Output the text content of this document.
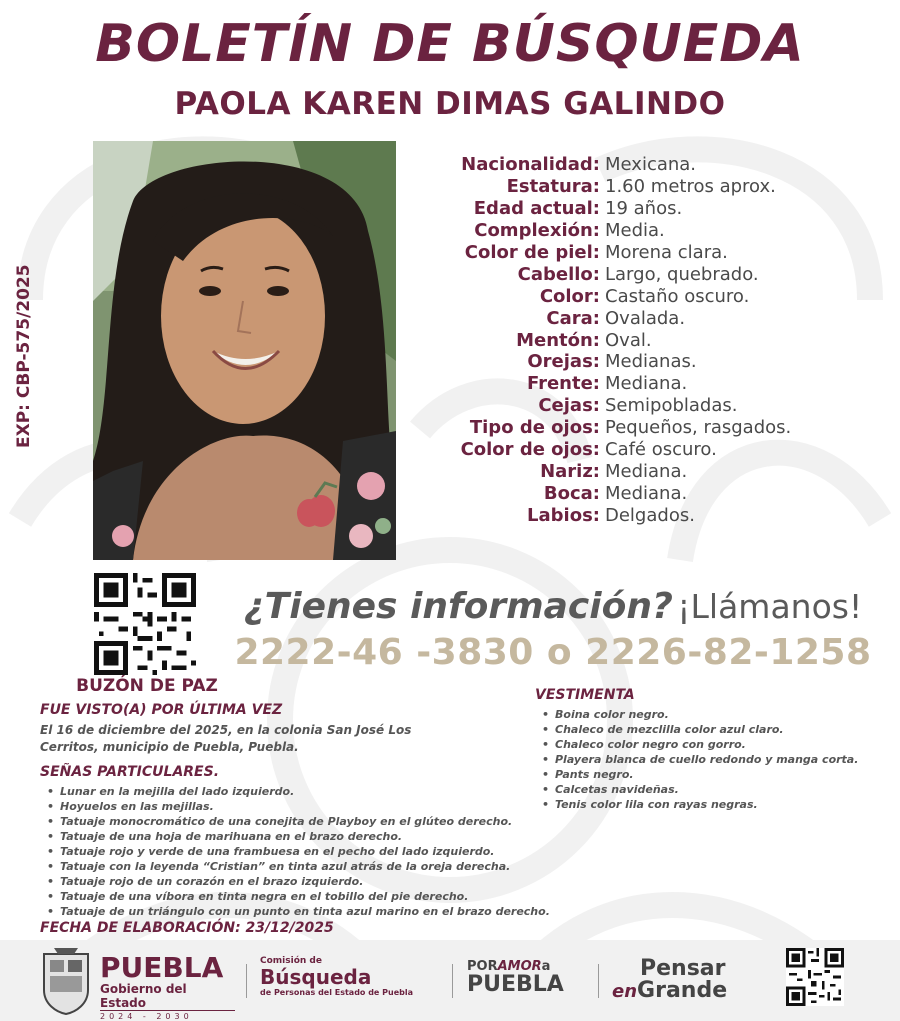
BOLETÍN DE BÚSQUEDA
PAOLA KAREN DIMAS GALINDO
EXP: CBP-575/2025
Nacionalidad: Mexicana.
Estatura: 1.60 metros aprox.
Edad actual: 19 años.
Complexión: Media.
Color de piel: Morena clara.
Cabello: Largo, quebrado.
Color: Castaño oscuro.
Cara: Ovalada.
Mentón: Oval.
Orejas: Medianas.
Frente: Mediana.
Cejas: Semipobladas.
Tipo de ojos: Pequeños, rasgados.
Color de ojos: Café oscuro.
Nariz: Mediana.
Boca: Mediana.
Labios: Delgados.
BUZÓN DE PAZ
¿Tienes información? ¡Llámanos!
2222-46 -3830 o 2226-82-1258
FUE VISTO(A) POR ÚLTIMA VEZ
El 16 de diciembre del 2025, en la colonia San José Los Cerritos, municipio de Puebla, Puebla.
SEÑAS PARTICULARES.
• Lunar en la mejilla del lado izquierdo.
• Hoyuelos en las mejillas.
• Tatuaje monocromático de una conejita de Playboy en el glúteo derecho.
• Tatuaje de una hoja de marihuana en el brazo derecho.
• Tatuaje rojo y verde de una frambuesa en el pecho del lado izquierdo.
• Tatuaje con la leyenda “Cristian” en tinta azul atrás de la oreja derecha.
• Tatuaje rojo de un corazón en el brazo izquierdo.
• Tatuaje de una víbora en tinta negra en el tobillo del pie derecho.
• Tatuaje de un triángulo con un punto en tinta azul marino en el brazo derecho.
VESTIMENTA
• Boina color negro.
• Chaleco de mezclilla color azul claro.
• Chaleco color negro con gorro.
• Playera blanca de cuello redondo y manga corta.
• Pants negro.
• Calcetas navideñas.
• Tenis color lila con rayas negras.
FECHA DE ELABORACIÓN: 23/12/2025
PUEBLA
Gobierno del Estado
2024 - 2030
Comisión de
Búsqueda
de Personas del Estado de Puebla
PORAMORa
PUEBLA
Pensar
enGrande
